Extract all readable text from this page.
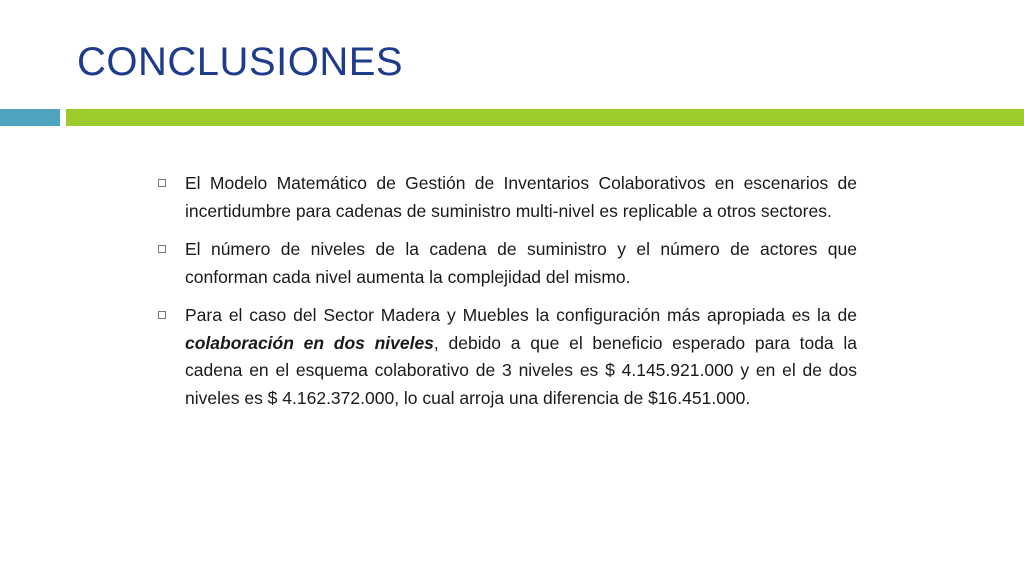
CONCLUSIONES
El Modelo Matemático de Gestión de Inventarios Colaborativos en escenarios de incertidumbre para cadenas de suministro multi-nivel es replicable a otros sectores.
El número de niveles de la cadena de suministro y el número de actores que conforman cada nivel aumenta la complejidad del mismo.
Para el caso del Sector Madera y Muebles la configuración más apropiada es la de colaboración en dos niveles, debido a que el beneficio esperado para toda la cadena en el esquema colaborativo de 3 niveles es $ 4.145.921.000 y en el de dos niveles es $ 4.162.372.000, lo cual arroja una diferencia de $16.451.000.
